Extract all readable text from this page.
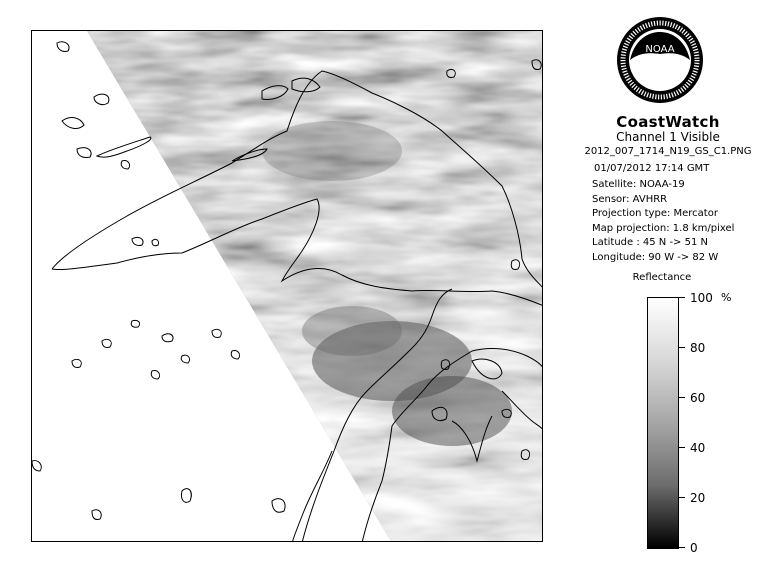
NOAA
CoastWatch
Channel 1 Visible
2012_007_1714_N19_GS_C1.PNG
01/07/2012 17:14 GMT
Satellite: NOAA-19
Sensor: AVHRR
Projection type: Mercator
Map projection: 1.8 km/pixel
Latitude : 45 N -> 51 N
Longitude: 90 W -> 82 W
Reflectance
%
100
80
60
40
20
0
